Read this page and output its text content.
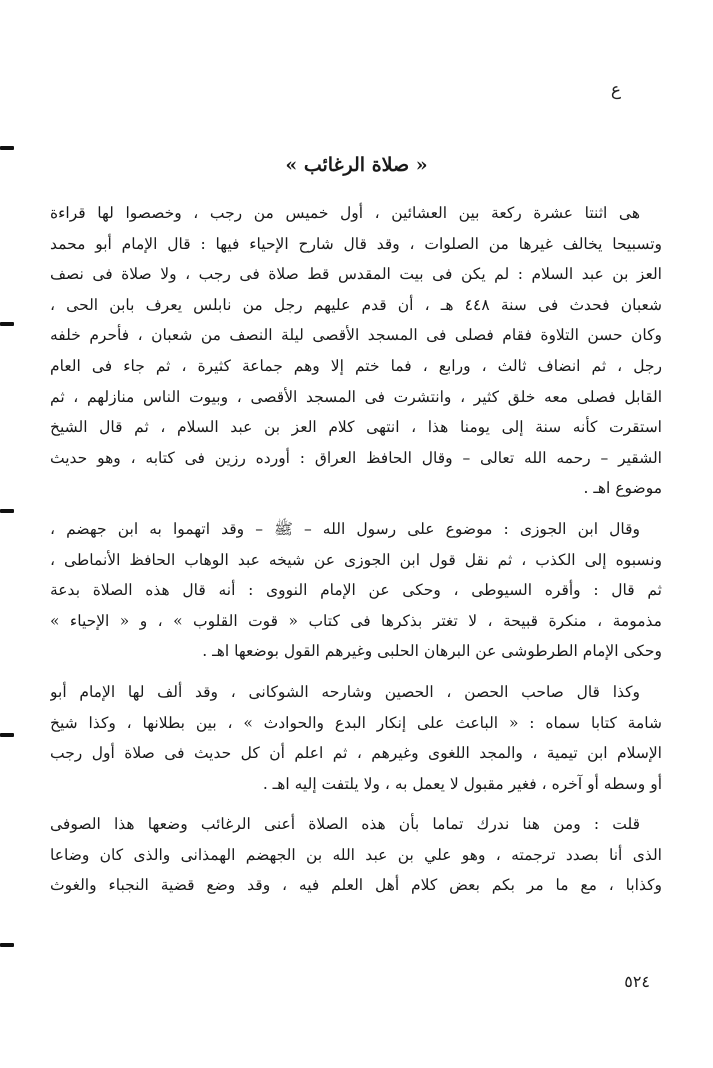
ع
« صلاة الرغائب »
هى اثنتا عشرة ركعة بين العشائين ، أول خميس من رجب ، وخصصوا لها قراءة
وتسبيحا يخالف غيرها من الصلوات ، وقد قال شارح الإحياء فيها : قال الإمام أبو محمد
العز بن عبد السلام : لم يكن فى بيت المقدس قط صلاة فى رجب ، ولا صلاة فى نصف
شعبان فحدث فى سنة ٤٤٨ هـ ، أن قدم عليهم رجل من نابلس يعرف بابن الحى ،
وكان حسن التلاوة فقام فصلى فى المسجد الأقصى ليلة النصف من شعبان ، فأحرم خلفه
رجل ، ثم انضاف ثالث ، ورابع ، فما ختم إلا وهم جماعة كثيرة ، ثم جاء فى العام
القابل فصلى معه خلق كثير ، وانتشرت فى المسجد الأقصى ، وبيوت الناس منازلهم ، ثم
استقرت كأنه سنة إلى يومنا هذا ، انتهى كلام العز بن عبد السلام ، ثم قال الشيخ
الشقير – رحمه الله تعالى – وقال الحافظ العراق : أورده رزين فى كتابه ، وهو حديث
موضوع اهـ .
وقال ابن الجوزى : موضوع على رسول الله – ﷺ – وقد اتهموا به ابن جهضم ،
ونسبوه إلى الكذب ، ثم نقل قول ابن الجوزى عن شيخه عبد الوهاب الحافظ الأنماطى ،
ثم قال : وأقره السيوطى ، وحكى عن الإمام النووى : أنه قال هذه الصلاة بدعة
مذمومة ، منكرة قبيحة ، لا تغتر بذكرها فى كتاب « قوت القلوب » ، و « الإحياء »
وحكى الإمام الطرطوشى عن البرهان الحلبى وغيرهم القول بوضعها اهـ .
وكذا قال صاحب الحصن ، الحصين وشارحه الشوكانى ، وقد ألف لها الإمام أبو
شامة كتابا سماه : « الباعث على إنكار البدع والحوادث » ، بين بطلانها ، وكذا شيخ
الإسلام ابن تيمية ، والمجد اللغوى وغيرهم ، ثم اعلم أن كل حديث فى صلاة أول رجب
أو وسطه أو آخره ، فغير مقبول لا يعمل به ، ولا يلتفت إليه اهـ .
قلت : ومن هنا ندرك تماما بأن هذه الصلاة أعنى الرغائب وضعها هذا الصوفى
الذى أنا بصدد ترجمته ، وهو علي بن عبد الله بن الجهضم الهمذانى والذى كان وضاعا
وكذابا ، مع ما مر بكم بعض كلام أهل العلم فيه ، وقد وضع قضية النجباء والغوث
٥٢٤
